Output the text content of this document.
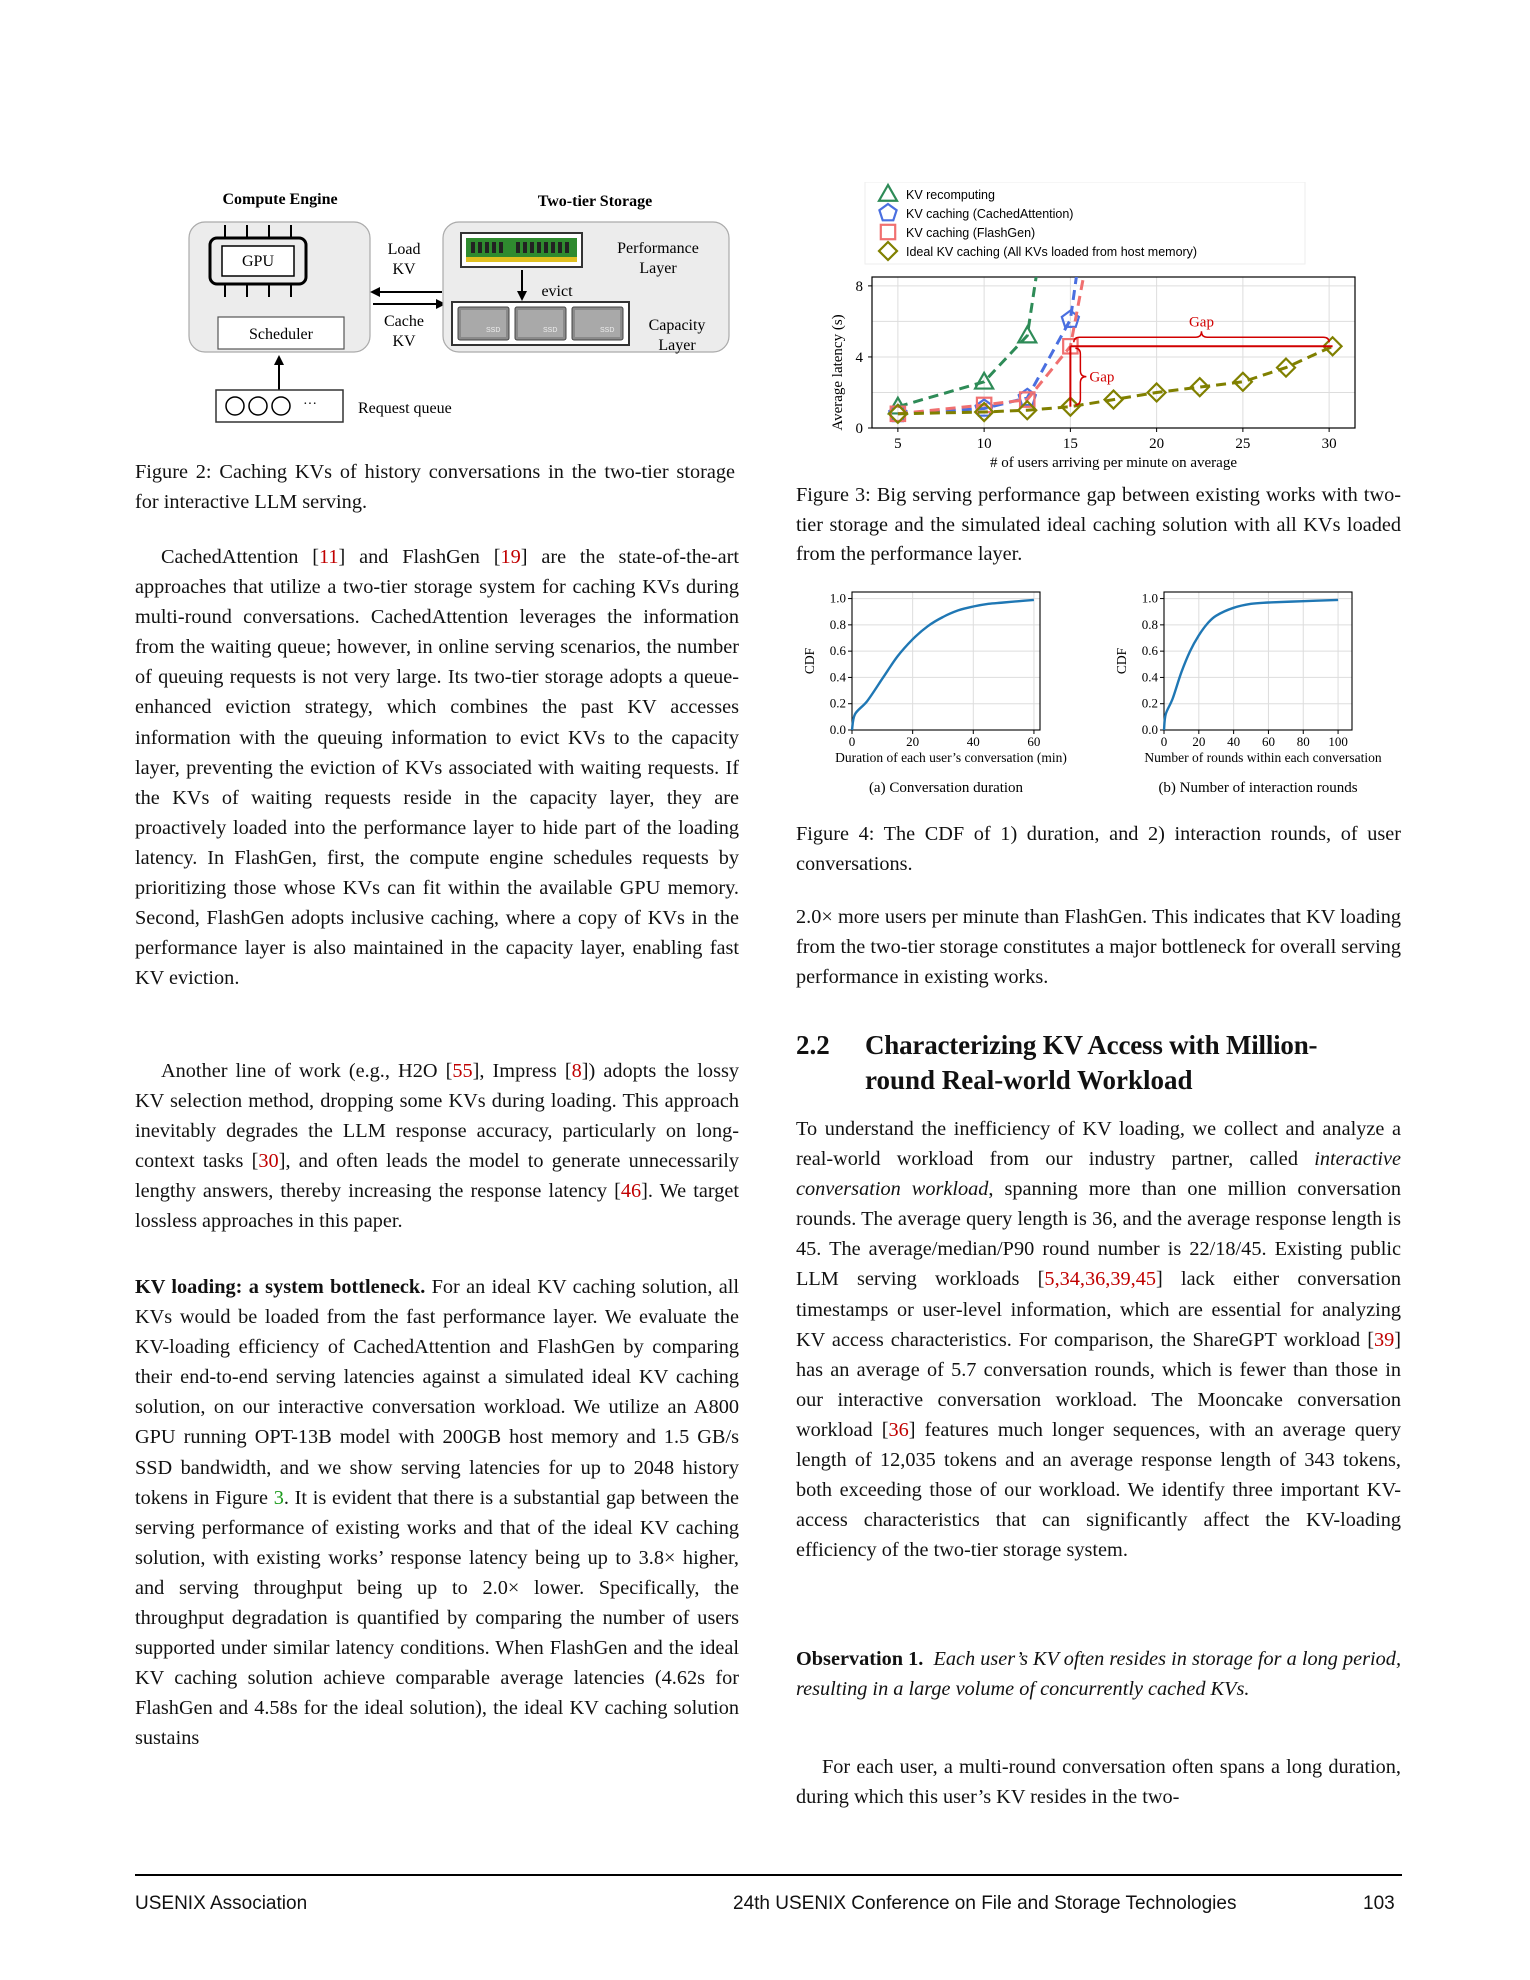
Compute Engine
GPU
Scheduler
Load
KV
Cache
KV
Two-tier Storage
Performance
Layer
evict
SSD	SSD	SSD Capacity
Layer
···	Request queue

Figure 2: Caching KVs of history conversations in the two-tier storage for interactive LLM serving.

5	10	15	20	25	30
0
4
8
# of users arriving per minute on average
Average latency (s)	Gap
Gap
KV recomputing
KV caching (CachedAttention)
KV caching (FlashGen)
Ideal KV caching (All KVs loaded from host memory)

Figure 3: Big serving performance gap between existing works with two-tier storage and the simulated ideal caching solution with all KVs loaded from the performance layer.

0	20	40	60
0.0
0.2
0.4
0.6
0.8
1.0
Duration of each user’s conversation (min)
CDF
(a) Conversation duration
0 20 40 60 80 100
0.0
0.2
0.4
0.6
0.8
1.0
Number of rounds within each conversation
CDF
(b) Number of interaction rounds

Figure 4: The CDF of 1) duration, and 2) interaction rounds, of user conversations.

CachedAttention [11] and FlashGen [19] are the state-of-the-art approaches that utilize a two-tier storage system for caching KVs during multi-round conversations. CachedAttention leverages the information from the waiting queue; however, in online serving scenarios, the number of queuing requests is not very large. Its two-tier storage adopts a queue-enhanced eviction strategy, which combines the past KV accesses information with the queuing information to evict KVs to the capacity layer, preventing the eviction of KVs associated with waiting requests. If the KVs of waiting requests reside in the capacity layer, they are proactively loaded into the performance layer to hide part of the loading latency. In FlashGen, first, the compute engine schedules requests by prioritizing those whose KVs can fit within the available GPU memory. Second, FlashGen adopts inclusive caching, where a copy of KVs in the performance layer is also maintained in the capacity layer, enabling fast KV eviction.

Another line of work (e.g., H2O [55], Impress [8]) adopts the lossy KV selection method, dropping some KVs during loading. This approach inevitably degrades the LLM response accuracy, particularly on long-context tasks [30], and often leads the model to generate unnecessarily lengthy answers, thereby increasing the response latency [46]. We target lossless approaches in this paper.

KV loading: a system bottleneck. For an ideal KV caching solution, all KVs would be loaded from the fast performance layer. We evaluate the KV-loading efficiency of CachedAttention and FlashGen by comparing their end-to-end serving latencies against a simulated ideal KV caching solution, on our interactive conversation workload. We utilize an A800 GPU running OPT-13B model with 200GB host memory and 1.5 GB/s SSD bandwidth, and we show serving latencies for up to 2048 history tokens in Figure 3. It is evident that there is a substantial gap between the serving performance of existing works and that of the ideal KV caching solution, with existing works’ response latency being up to 3.8× higher, and serving throughput being up to 2.0× lower. Specifically, the throughput degradation is quantified by comparing the number of users supported under similar latency conditions. When FlashGen and the ideal KV caching solution achieve comparable average latencies (4.62s for FlashGen and 4.58s for the ideal solution), the ideal KV caching solution sustains

2.0× more users per minute than FlashGen. This indicates that KV loading from the two-tier storage constitutes a major bottleneck for overall serving performance in existing works.

2.2 Characterizing KV Access with Million-
round Real-world Workload

To understand the inefficiency of KV loading, we collect and analyze a real-world workload from our industry partner, called interactive conversation workload, spanning more than one million conversation rounds. The average query length is 36, and the average response length is 45. The average/median/P90 round number is 22/18/45. Existing public LLM serving workloads [5,34,36,39,45] lack either conversation timestamps or user-level information, which are essential for analyzing KV access characteristics. For comparison, the ShareGPT workload [39] has an average of 5.7 conversation rounds, which is fewer than those in our interactive conversation workload. The Mooncake conversation workload [36] features much longer sequences, with an average query length of 12,035 tokens and an average response length of 343 tokens, both exceeding those of our workload. We identify three important KV-access characteristics that can significantly affect the KV-loading efficiency of the two-tier storage system.

Observation 1. Each user’s KV often resides in storage for a long period, resulting in a large volume of concurrently cached KVs.

For each user, a multi-round conversation often spans a long duration, during which this user’s KV resides in the two-

USENIX Association	24th USENIX Conference on File and Storage Technologies	103
